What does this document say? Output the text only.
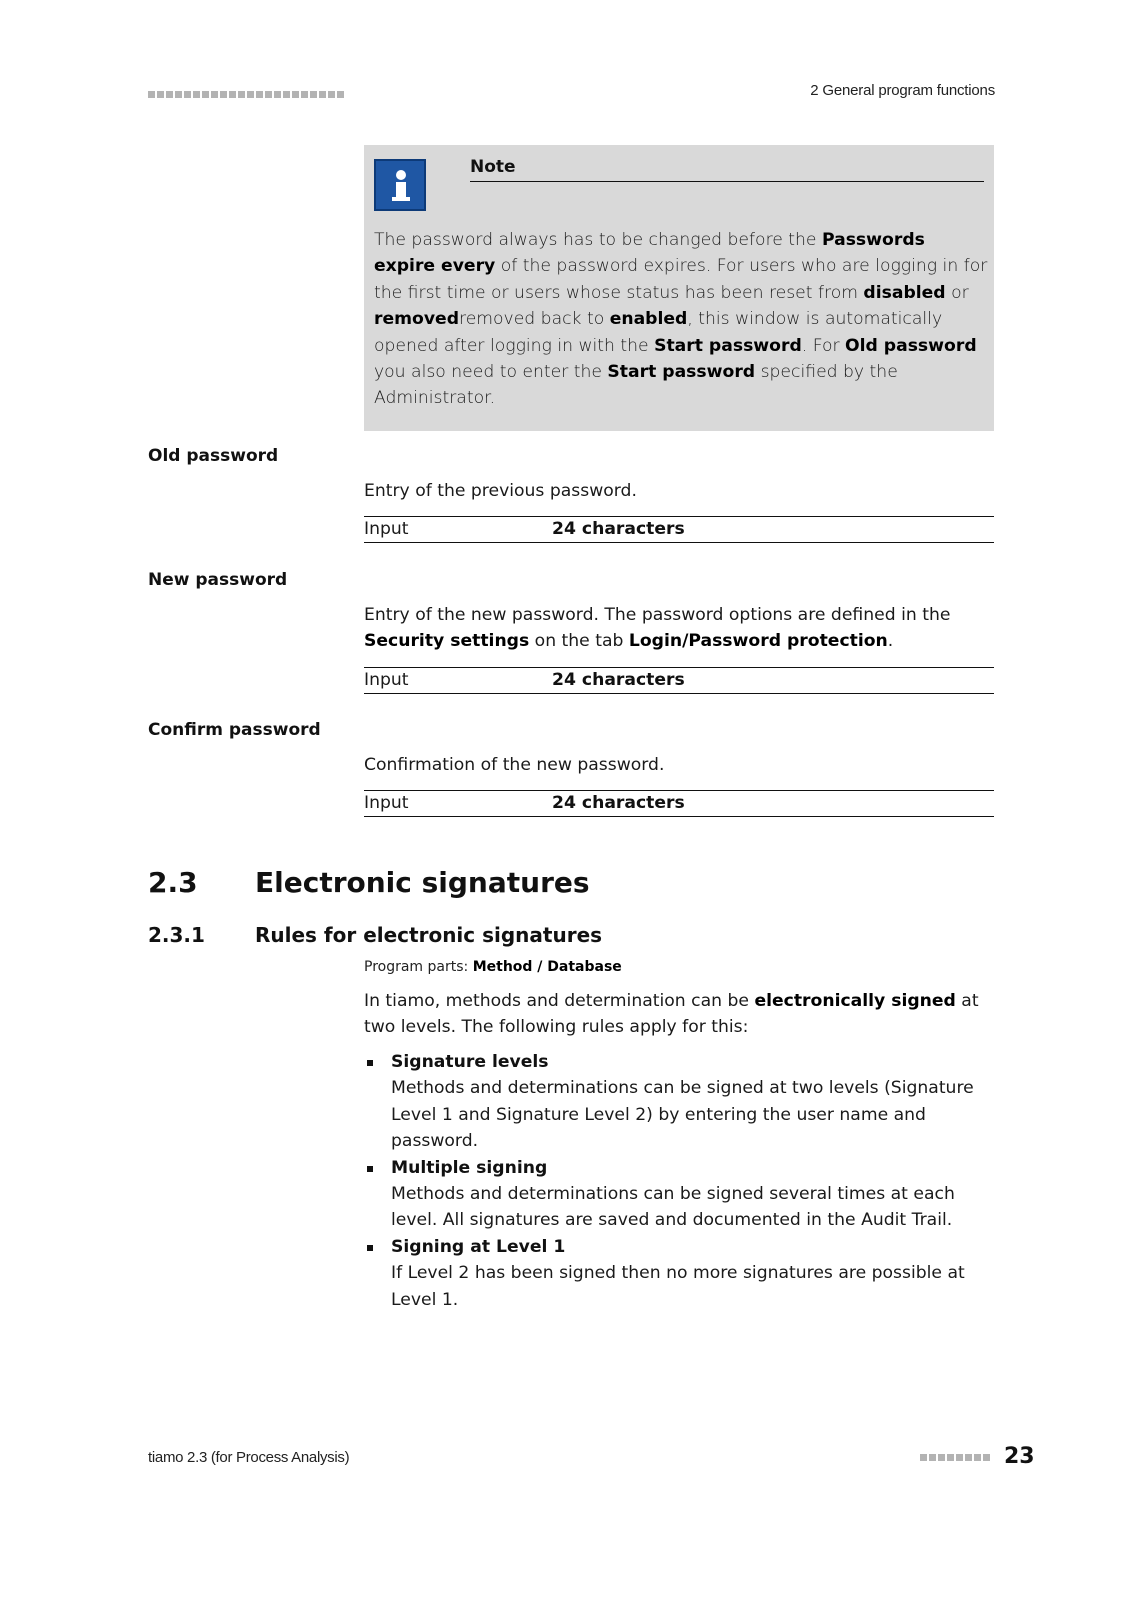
2 General program functions
Note
The password always has to be changed before the Passwords expire every of the password expires. For users who are logging in for the first time or users whose status has been reset from disabled or removedremoved back to enabled, this window is automatically opened after logging in with the Start password. For Old password you also need to enter the Start password specified by the Administrator.
Old password
Entry of the previous password.
Input	24 characters
New password
Entry of the new password. The password options are defined in the Security settings on the tab Login/Password protection.
Input	24 characters
Confirm password
Confirmation of the new password.
Input	24 characters
2.3 Electronic signatures
2.3.1	Rules for electronic signatures
Program parts: Method / Database
In tiamo, methods and determination can be electronically signed at two levels. The following rules apply for this:
Signature levels
Methods and determinations can be signed at two levels (Signature Level 1 and Signature Level 2) by entering the user name and password.
Multiple signing
Methods and determinations can be signed several times at each level. All signatures are saved and documented in the Audit Trail.
Signing at Level 1
If Level 2 has been signed then no more signatures are possible at Level 1.
tiamo 2.3 (for Process Analysis)	23
